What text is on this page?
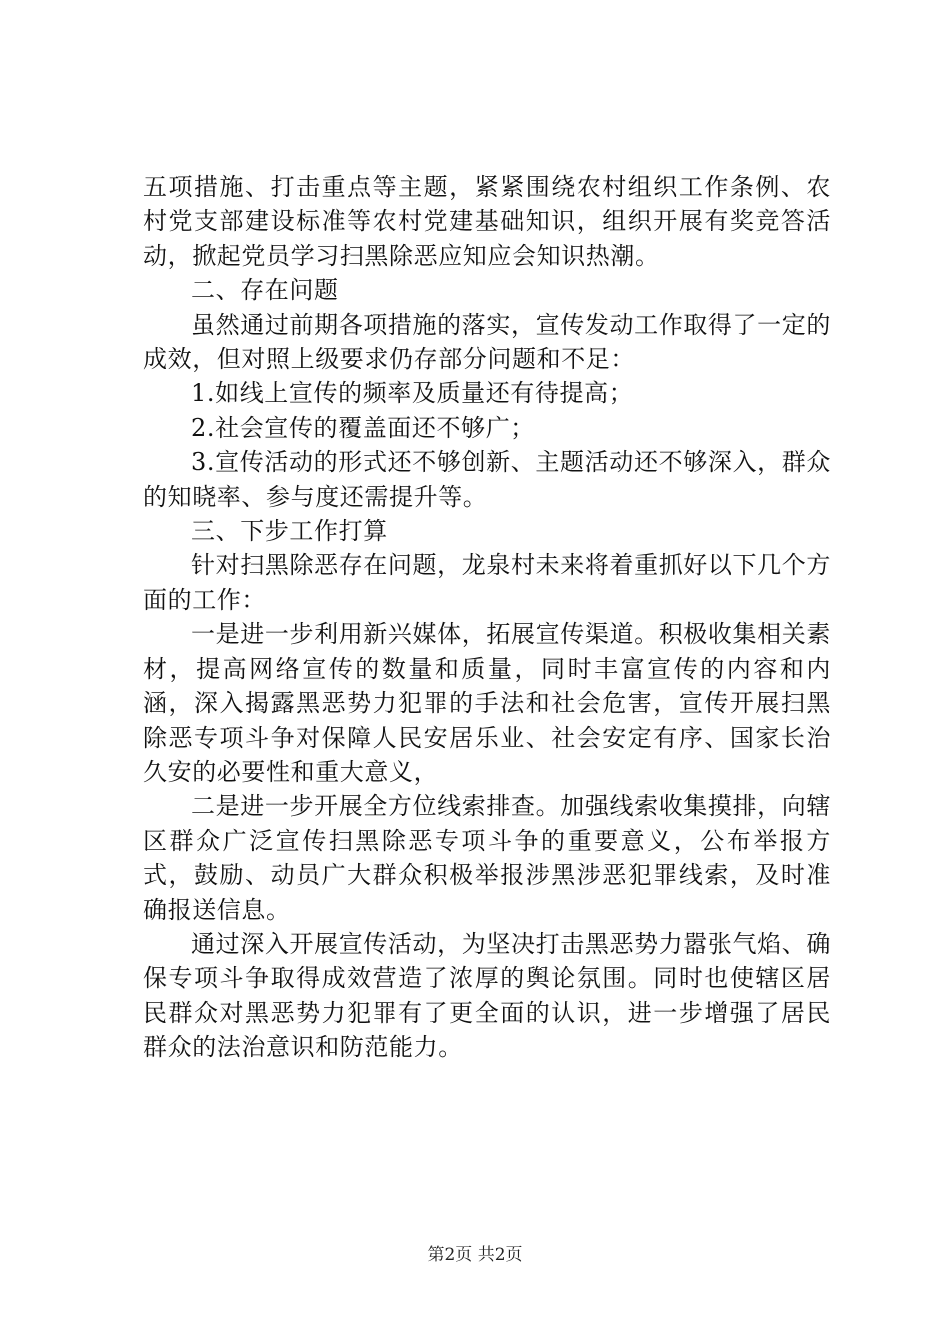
五项措施、打击重点等主题，紧紧围绕农村组织工作条例、农村党支部建设标准等农村党建基础知识，组织开展有奖竞答活动，掀起党员学习扫黑除恶应知应会知识热潮。

二、存在问题

虽然通过前期各项措施的落实，宣传发动工作取得了一定的成效，但对照上级要求仍存部分问题和不足：

1.如线上宣传的频率及质量还有待提高；

2.社会宣传的覆盖面还不够广；

3.宣传活动的形式还不够创新、主题活动还不够深入，群众的知晓率、参与度还需提升等。

三、下步工作打算

针对扫黑除恶存在问题，龙泉村未来将着重抓好以下几个方面的工作：

一是进一步利用新兴媒体，拓展宣传渠道。积极收集相关素材，提高网络宣传的数量和质量，同时丰富宣传的内容和内涵，深入揭露黑恶势力犯罪的手法和社会危害，宣传开展扫黑除恶专项斗争对保障人民安居乐业、社会安定有序、国家长治久安的必要性和重大意义，

二是进一步开展全方位线索排查。加强线索收集摸排，向辖区群众广泛宣传扫黑除恶专项斗争的重要意义，公布举报方式，鼓励、动员广大群众积极举报涉黑涉恶犯罪线索，及时准确报送信息。

通过深入开展宣传活动，为坚决打击黑恶势力嚣张气焰、确保专项斗争取得成效营造了浓厚的舆论氛围。同时也使辖区居民群众对黑恶势力犯罪有了更全面的认识，进一步增强了居民群众的法治意识和防范能力。

第2页 共2页
